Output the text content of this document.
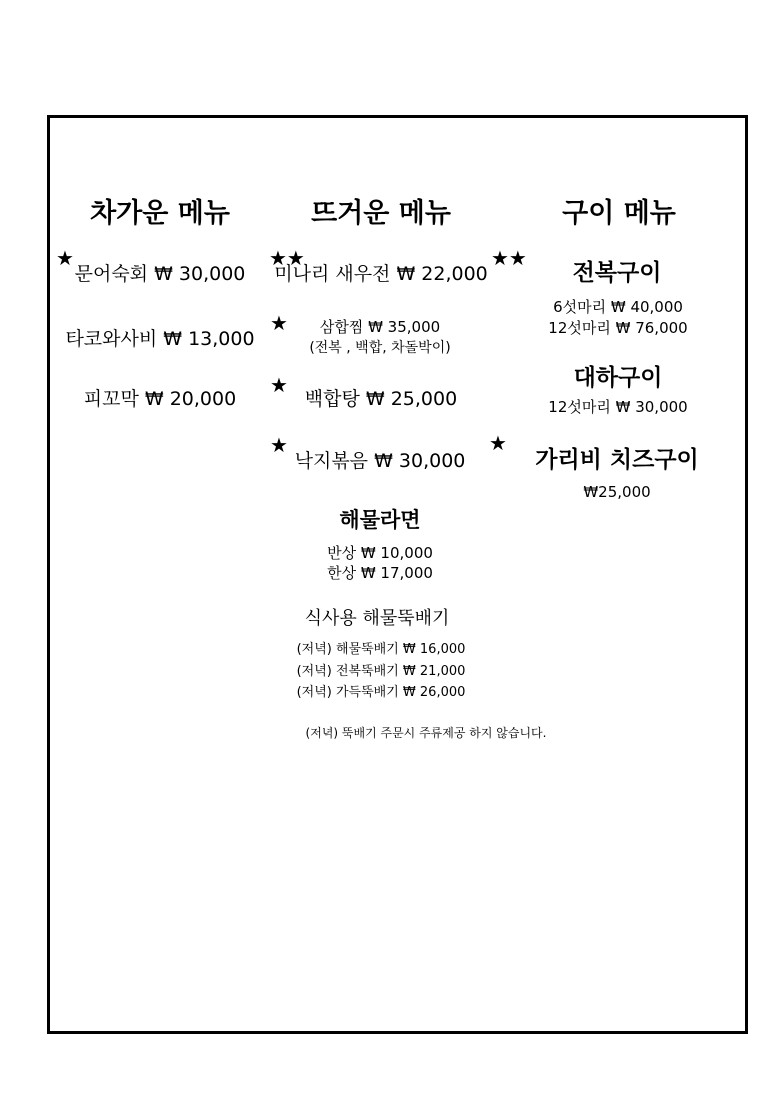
차가운 메뉴	뜨거운 메뉴	구이 메뉴
★
문어숙회 ₩ 30,000
타코와사비 ₩ 13,000
피꼬막 ₩ 20,000
★★
미나리 새우전 ₩ 22,000
★ 삼합찜 ₩ 35,000
(전복 , 백합, 차돌박이)
★
백합탕 ₩ 25,000
★
낙지볶음 ₩ 30,000
★★
전복구이
6섯마리 ₩ 40,000
12섯마리 ₩ 76,000
대하구이
12섯마리 ₩ 30,000
★
가리비 치즈구이
₩25,000
해물라면
반상 ₩ 10,000
한상 ₩ 17,000
식사용 해물뚝배기
(저녁) 해물뚝배기 ₩ 16,000
(저녁) 전복뚝배기 ₩ 21,000
(저녁) 가득뚝배기 ₩ 26,000
(저녁) 뚝배기 주문시 주류제공 하지 않습니다.
